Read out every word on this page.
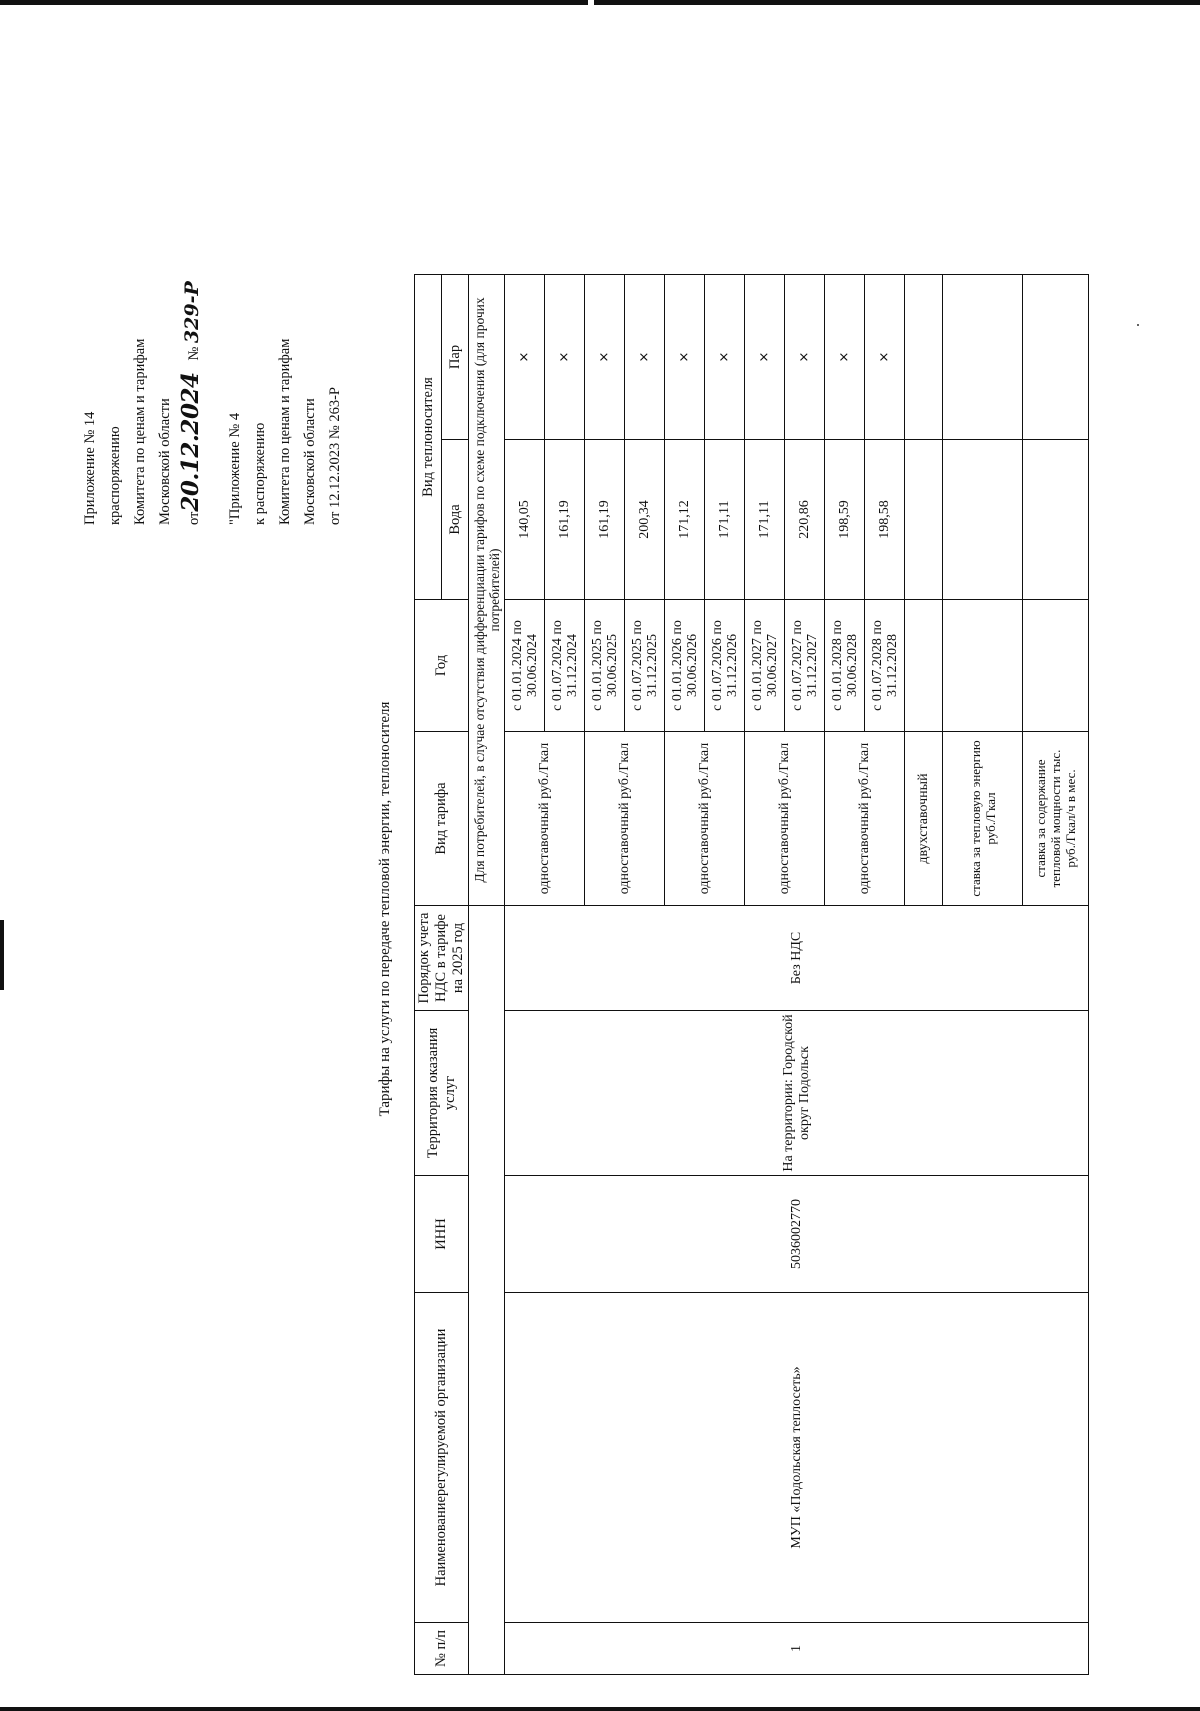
Приложение № 14 краспоряжению Комитета по ценам и тарифам Московской области от20.12.2024№ 329-Р
"Приложение № 4 к распоряжению Комитета по ценам и тарифам Московской области от 12.12.2023 № 263-Р
Тарифы на услуги по передаче тепловой энергии, теплоносителя
№ п/п	Наименованиерегулируемой организации	ИНН	Территория оказания услуг	Порядок учета НДС в тарифе на 2025 год	Вид тарифа	Год	Вид теплоносителя	
							Вода	Пар
					Для потребителей, в случае отсутствия дифференциации тарифов по схеме подключения (для прочих потребителей)			
1	МУП «Подольская теплосеть»	5036002770	На территории: Городской округ Подольск	Без НДС	одноставочный руб./Гкал	с 01.01.2024 по 30.06.2024	140,05	×
						с 01.07.2024 по 31.12.2024	161,19	×
					одноставочный руб./Гкал	с 01.01.2025 по 30.06.2025	161,19	×
						с 01.07.2025 по 31.12.2025	200,34	×
					одноставочный руб./Гкал	с 01.01.2026 по 30.06.2026	171,12	×
						с 01.07.2026 по 31.12.2026	171,11	×
					одноставочный руб./Гкал	с 01.01.2027 по 30.06.2027	171,11	×
						с 01.07.2027 по 31.12.2027	220,86	×
					одноставочный руб./Гкал	с 01.01.2028 по 30.06.2028	198,59	×
						с 01.07.2028 по 31.12.2028	198,58	×
					двухставочный			
					ставка за тепловую энергию руб./Гкал			
					ставка за содержание тепловой мощности тыс. руб./Гкал/ч в мес.			
